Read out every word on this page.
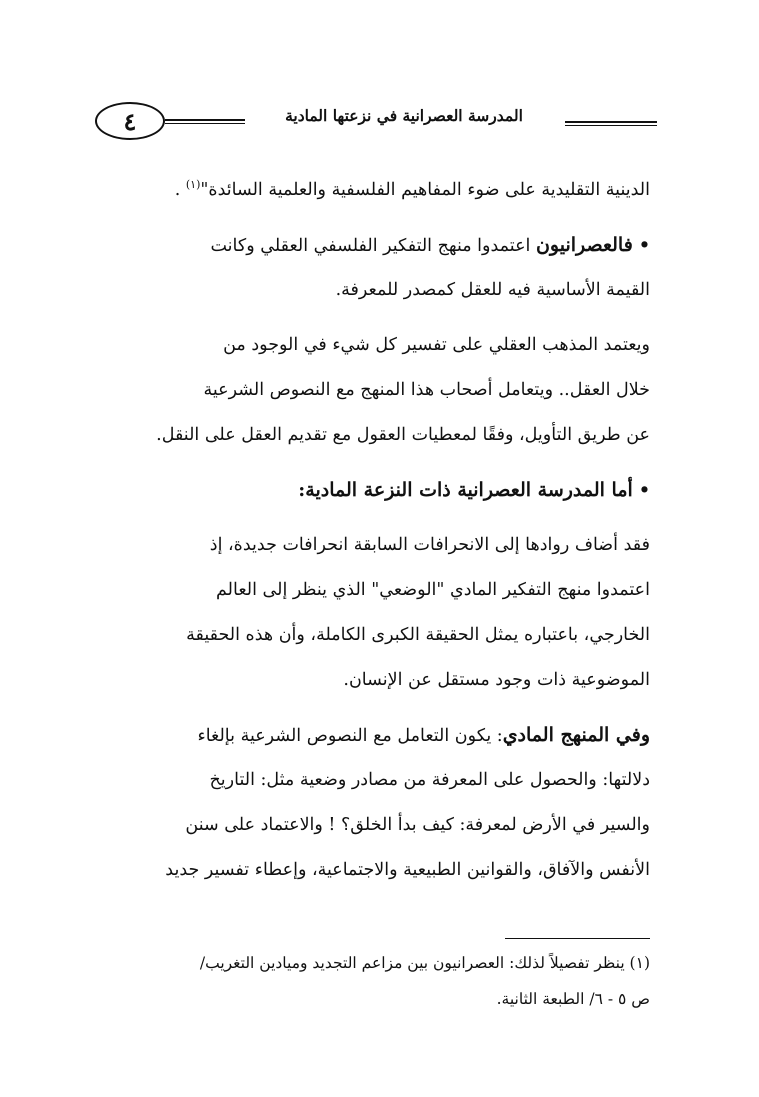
٤	المدرسة العصرانية في نزعتها المادية
الدينية التقليدية على ضوء المفاهيم الفلسفية والعلمية السائدة"$^{(١)}$ .
•فالعصرانيون اعتمدوا منهج التفكير الفلسفي العقلي وكانت
القيمة الأساسية فيه للعقل كمصدر للمعرفة.
ويعتمد المذهب العقلي على تفسير كل شيء في الوجود من
خلال العقل.. ويتعامل أصحاب هذا المنهج مع النصوص الشرعية
عن طريق التأويل، وفقًا لمعطيات العقول مع تقديم العقل على النقل.
•أما المدرسة العصرانية ذات النزعة المادية:
فقد أضاف روادها إلى الانحرافات السابقة انحرافات جديدة، إذ
اعتمدوا منهج التفكير المادي "الوضعي" الذي ينظر إلى العالم
الخارجي، باعتباره يمثل الحقيقة الكبرى الكاملة، وأن هذه الحقيقة
الموضوعية ذات وجود مستقل عن الإنسان.
وفي المنهج المادي: يكون التعامل مع النصوص الشرعية بإلغاء
دلالتها: والحصول على المعرفة من مصادر وضعية مثل: التاريخ
والسير في الأرض لمعرفة: كيف بدأ الخلق؟ ! والاعتماد على سنن
الأنفس والآفاق، والقوانين الطبيعية والاجتماعية، وإعطاء تفسير جديد
(١) ينظر تفصيلاً لذلك: العصرانيون بين مزاعم التجديد وميادين التغريب/
ص ٥ - ٦/ الطبعة الثانية.
